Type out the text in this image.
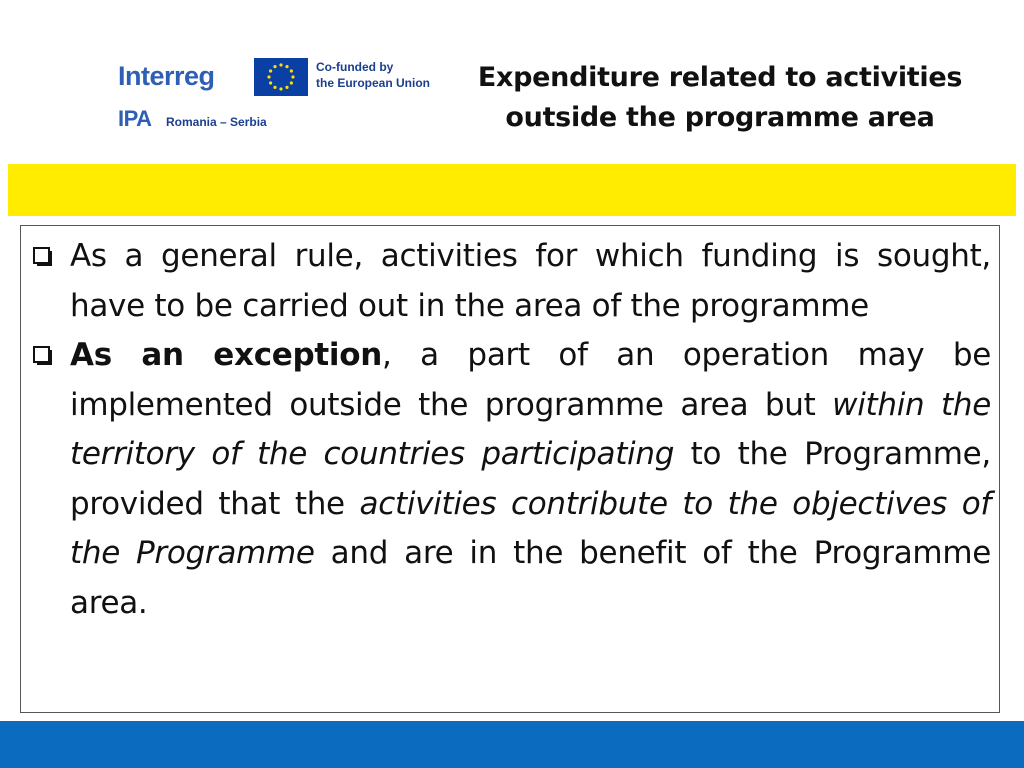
Interreg	Co-funded by
the European Union
IPA Romania – Serbia
Expenditure related to activities
outside the programme area
As a general rule, activities for which funding is sought, have to be carried out in the area of the programme
As an exception, a part of an operation may be implemented outside the programme area but within the territory of the countries participating to the Programme, provided that the activities contribute to the objectives of the Programme and are in the benefit of the Programme area.
